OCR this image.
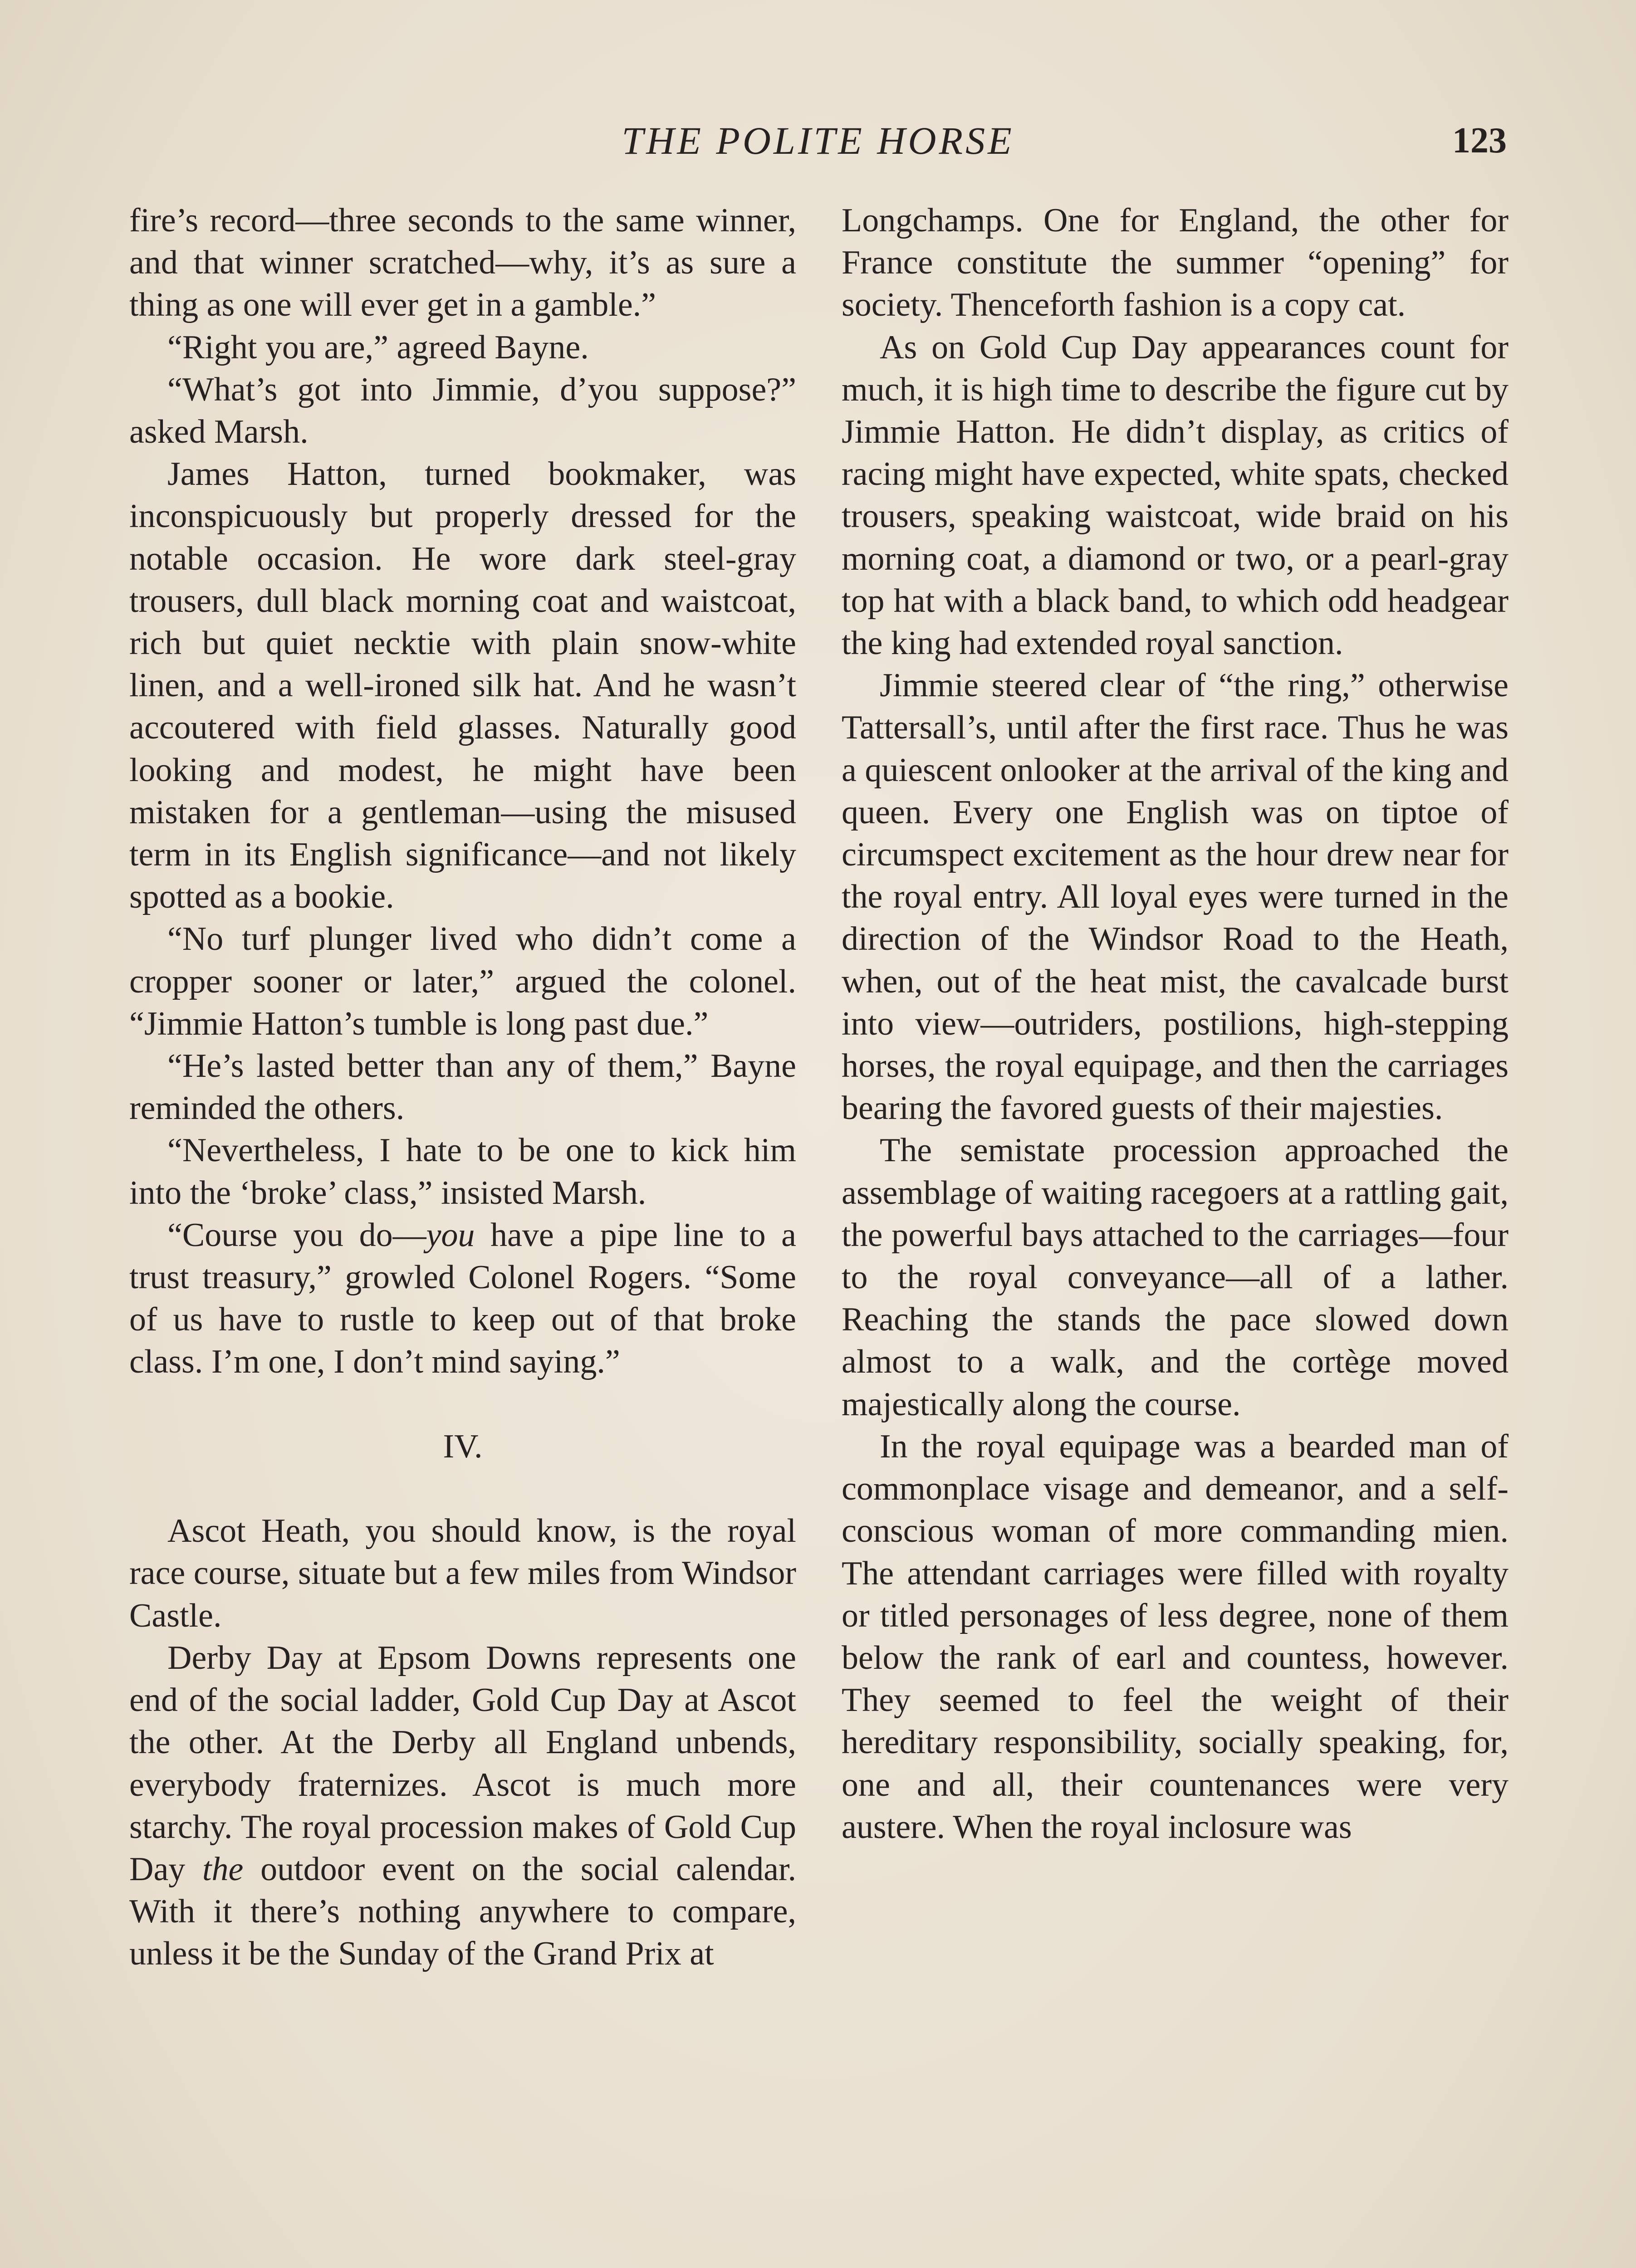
THE POLITE HORSE	123

fire’s record—three seconds to the same winner, and that winner scratched—why, it’s as sure a thing as one will ever get in a gamble.”

“Right you are,” agreed Bayne.

“What’s got into Jimmie, d’you suppose?” asked Marsh.

James Hatton, turned bookmaker, was inconspicuously but properly dressed for the notable occasion. He wore dark steel-gray trousers, dull black morning coat and waistcoat, rich but quiet necktie with plain snow-white linen, and a well-ironed silk hat. And he wasn’t accoutered with field glasses. Naturally good looking and modest, he might have been mistaken for a gentleman—using the misused term in its English significance—and not likely spotted as a bookie.

“No turf plunger lived who didn’t come a cropper sooner or later,” argued the colonel. “Jimmie Hatton’s tumble is long past due.”

“He’s lasted better than any of them,” Bayne reminded the others.

“Nevertheless, I hate to be one to kick him into the ‘broke’ class,” insisted Marsh.

“Course you do—you have a pipe line to a trust treasury,” growled Colonel Rogers. “Some of us have to rustle to keep out of that broke class. I’m one, I don’t mind saying.”

IV.

Ascot Heath, you should know, is the royal race course, situate but a few miles from Windsor Castle.

Derby Day at Epsom Downs represents one end of the social ladder, Gold Cup Day at Ascot the other. At the Derby all England unbends, everybody fraternizes. Ascot is much more starchy. The royal procession makes of Gold Cup Day the outdoor event on the social calendar. With it there’s nothing anywhere to compare, unless it be the Sunday of the Grand Prix at

Longchamps. One for England, the other for France constitute the summer “opening” for society. Thenceforth fashion is a copy cat.

As on Gold Cup Day appearances count for much, it is high time to describe the figure cut by Jimmie Hatton. He didn’t display, as critics of racing might have expected, white spats, checked trousers, speaking waistcoat, wide braid on his morning coat, a diamond or two, or a pearl-gray top hat with a black band, to which odd headgear the king had extended royal sanction.

Jimmie steered clear of “the ring,” otherwise Tattersall’s, until after the first race. Thus he was a quiescent onlooker at the arrival of the king and queen. Every one English was on tiptoe of circumspect excitement as the hour drew near for the royal entry. All loyal eyes were turned in the direction of the Windsor Road to the Heath, when, out of the heat mist, the cavalcade burst into view—outriders, postilions, high-stepping horses, the royal equipage, and then the carriages bearing the favored guests of their majesties.

The semistate procession approached the assemblage of waiting racegoers at a rattling gait, the powerful bays attached to the carriages—four to the royal conveyance—all of a lather. Reaching the stands the pace slowed down almost to a walk, and the cortège moved majestically along the course.

In the royal equipage was a bearded man of commonplace visage and demeanor, and a self-conscious woman of more commanding mien. The attendant carriages were filled with royalty or titled personages of less degree, none of them below the rank of earl and countess, however. They seemed to feel the weight of their hereditary responsibility, socially speaking, for, one and all, their countenances were very austere. When the royal inclosure was
